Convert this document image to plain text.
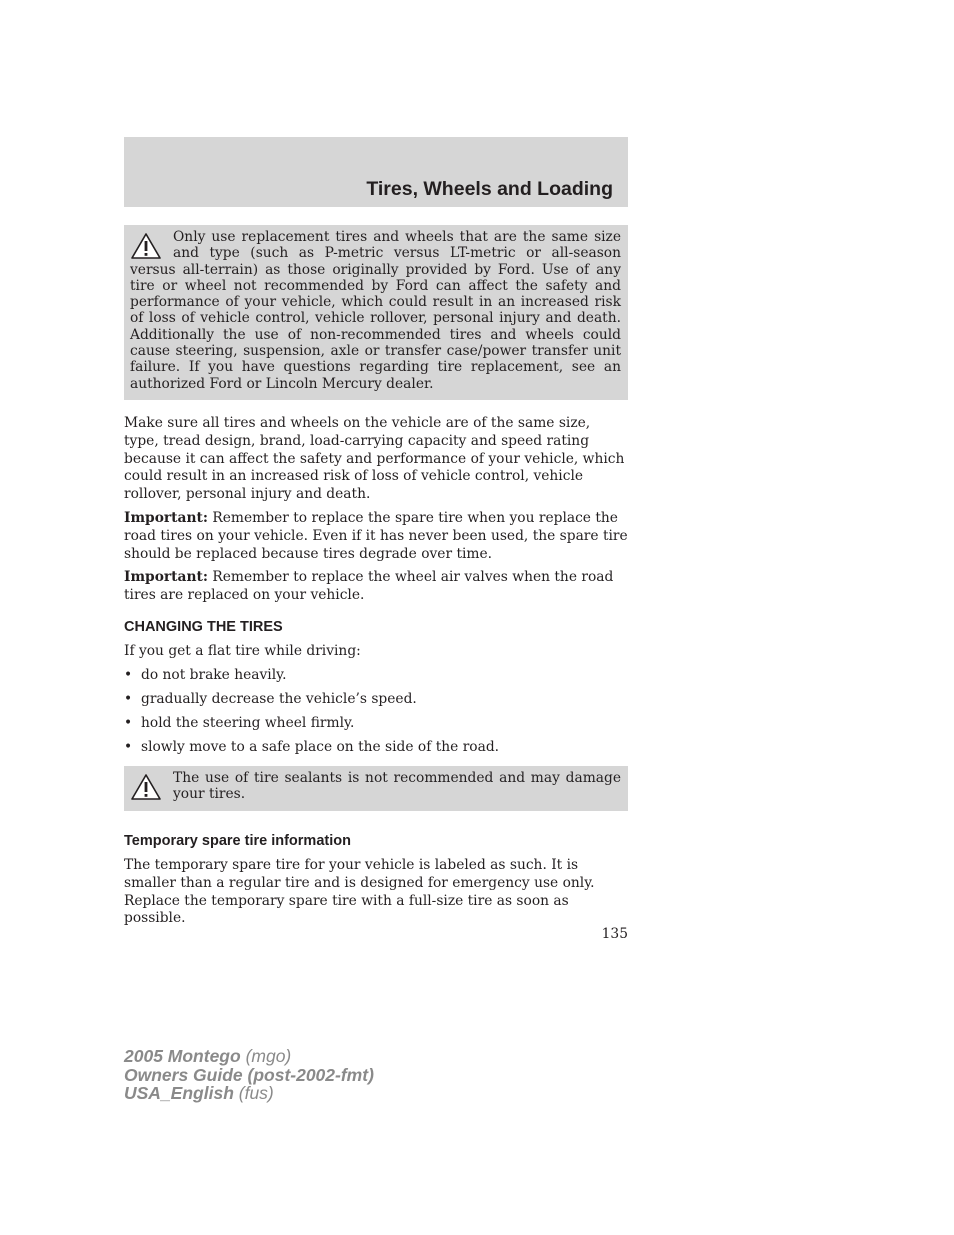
Tires, Wheels and Loading

Only use replacement tires and wheels that are the same size and type (such as P-metric versus LT-metric or all-season versus all-terrain) as those originally provided by Ford. Use of any tire or wheel not recommended by Ford can affect the safety and performance of your vehicle, which could result in an increased risk of loss of vehicle control, vehicle rollover, personal injury and death. Additionally the use of non-recommended tires and wheels could cause steering, suspension, axle or transfer case/power transfer unit failure. If you have questions regarding tire replacement, see an authorized Ford or Lincoln Mercury dealer.

Make sure all tires and wheels on the vehicle are of the same size, type, tread design, brand, load-carrying capacity and speed rating because it can affect the safety and performance of your vehicle, which could result in an increased risk of loss of vehicle control, vehicle rollover, personal injury and death.

Important: Remember to replace the spare tire when you replace the road tires on your vehicle. Even if it has never been used, the spare tire should be replaced because tires degrade over time.

Important: Remember to replace the wheel air valves when the road tires are replaced on your vehicle.

CHANGING THE TIRES
If you get a flat tire while driving:
• do not brake heavily.
• gradually decrease the vehicle’s speed.
• hold the steering wheel firmly.
• slowly move to a safe place on the side of the road.

The use of tire sealants is not recommended and may damage your tires.

Temporary spare tire information
The temporary spare tire for your vehicle is labeled as such. It is smaller than a regular tire and is designed for emergency use only. Replace the temporary spare tire with a full-size tire as soon as possible.
135
2005 Montego (mgo)
Owners Guide (post-2002-fmt)
USA_English (fus)
